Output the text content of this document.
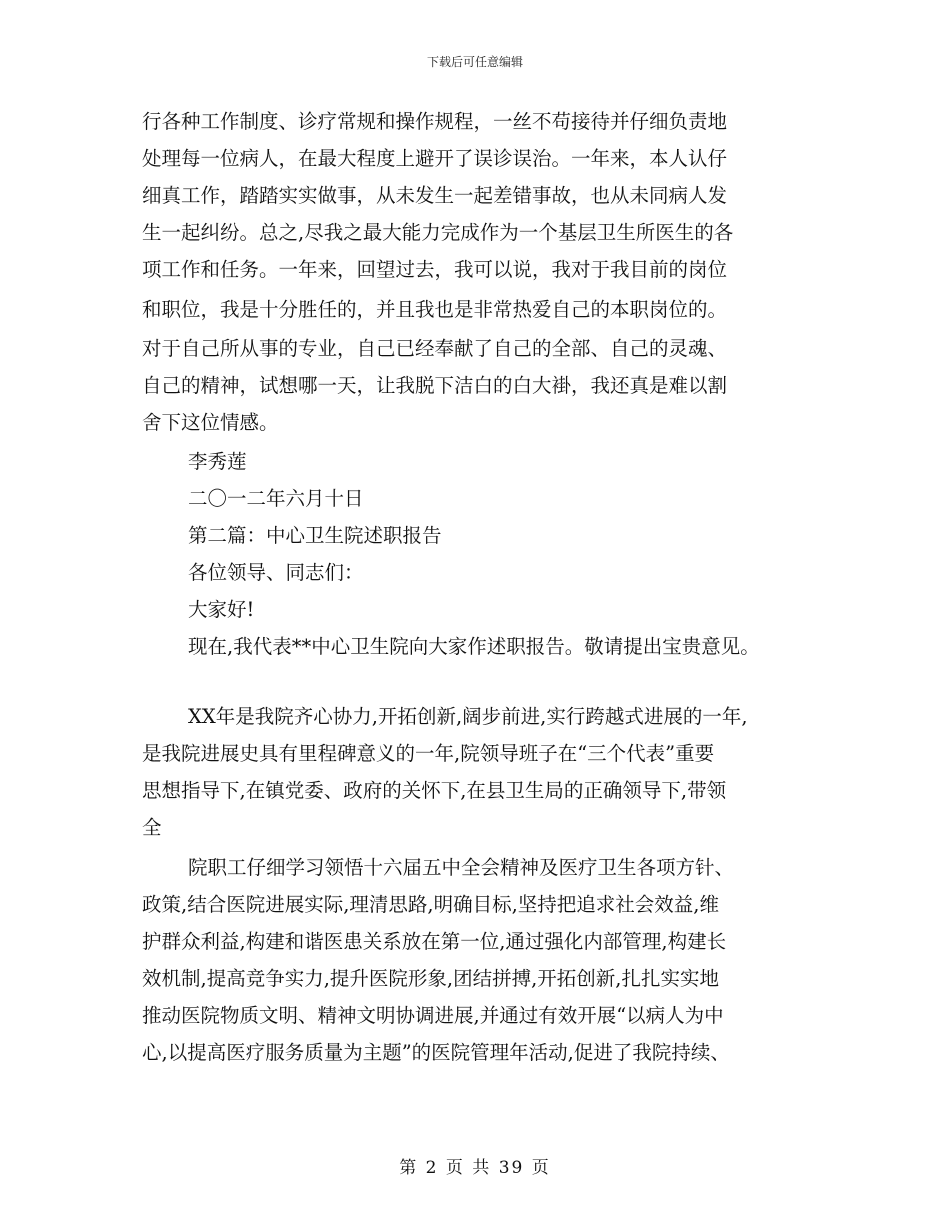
下载后可任意编辑
行各种工作制度、诊疗常规和操作规程，一丝不苟接待并仔细负责地
处理每一位病人，在最大程度上避开了误诊误治。一年来，本人认仔
细真工作，踏踏实实做事，从未发生一起差错事故，也从未同病人发
生一起纠纷。总之,尽我之最大能力完成作为一个基层卫生所医生的各
项工作和任务。一年来，回望过去，我可以说，我对于我目前的岗位
和职位，我是十分胜任的，并且我也是非常热爱自己的本职岗位的。
对于自己所从事的专业，自己已经奉献了自己的全部、自己的灵魂、
自己的精神，试想哪一天，让我脱下洁白的白大褂，我还真是难以割
舍下这位情感。
李秀莲
二〇一二年六月十日
第二篇：中心卫生院述职报告
各位领导、同志们：
大家好!
现在,我代表**中心卫生院向大家作述职报告。敬请提出宝贵意见。
XX年是我院齐心协力,开拓创新,阔步前进,实行跨越式进展的一年,
是我院进展史具有里程碑意义的一年,院领导班子在“三个代表”重要
思想指导下,在镇党委、政府的关怀下,在县卫生局的正确领导下,带领
全
院职工仔细学习领悟十六届五中全会精神及医疗卫生各项方针、
政策,结合医院进展实际,理清思路,明确目标,坚持把追求社会效益,维
护群众利益,构建和谐医患关系放在第一位,通过强化内部管理,构建长
效机制,提高竞争实力,提升医院形象,团结拼搏,开拓创新,扎扎实实地
推动医院物质文明、精神文明协调进展,并通过有效开展“以病人为中
心,以提高医疗服务质量为主题”的医院管理年活动,促进了我院持续、
第 2 页 共 39 页
